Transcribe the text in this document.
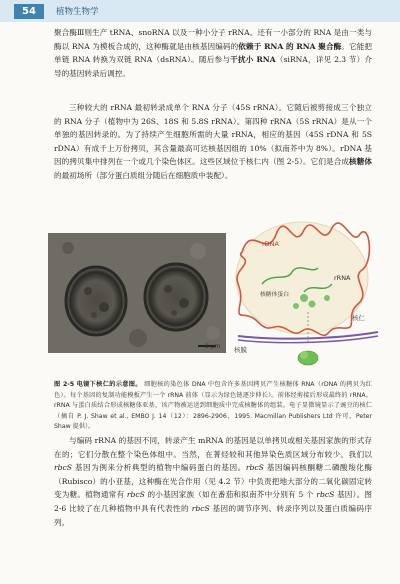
54	植物生物学

聚合酶Ⅲ则生产 tRNA、snoRNA 以及一种小分子 rRNA。还有一小部分的 RNA 是由一类与酶以 RNA 为模板合成的，这种酶就是由核基因编码的依赖于 RNA 的 RNA 聚合酶。它能把单链 RNA 转换为双链 RNA（dsRNA）。随后参与干扰小 RNA（siRNA，详见 2.3 节）介导的基因转录后调控。

三种较大的 rRNA 最初转录成单个 RNA 分子（45S rRNA）。它随后被剪接成三个独立的 RNA 分子（植物中为 26S、18S 和 5.8S rRNA）。第四种 rRNA（5S rRNA）是从一个单独的基因转录的。为了持续产生细胞所需的大量 rRNA，相应的基因（45S rDNA 和 5S rDNA）有成千上万份拷贝，其含量最高可达核基因组的 10%（拟南芥中为 8%）。rDNA 基因的拷贝集中排列在一个或几个染色体区。这些区域位于核仁内（图 2-5）。它们是合成核糖体的最初场所（部分蛋白质组分随后在细胞质中装配）。

2 μm
rDNA
核糖体蛋白
rRNA
核仁
核膜

图 2-5 电镜下核仁的示意图。 细胞核的染色体 DNA 中包含许多基因拷贝产生核糖体 RNA（rDNA 的拷贝为红色）。每个基因的复制功能模板产生一个 rRNA 前体（显示为绿色链逐步伸长）。前体经剪接后形成最终的 rRNA。rRNA 与蛋白质结合形成核糖体亚基，该产物被运送到细胞质中完成核糖体的组装。电子显微镜显示了豌豆的核仁（摘自 P. J. Shaw et al., EMBO J. 14（12）：2896-2906，1995. Macmillan Publishers Ltd 许可，Peter Shaw 提供）。

与编码 rRNA 的基因不同，转录产生 mRNA 的基因是以单拷贝或相关基因家族的形式存在的；它们分散在整个染色体组中。当然，在菁烃较和其他异染色质区域分布较少。我们以 rbcS 基因为例来分析典型的植物中编码蛋白的基因。rbcS 基因编码核酮糖二磷酸羧化酶（Rubisco）的小亚基，这种酶在光合作用（见 4.2 节）中负责把地大部分的二氧化碳固定转变为糖。植物通常有 rbcS 的小基因家族（如在番茄和拟南芥中分别有 5 个 rbcS 基因）。图 2-6 比较了在几种植物中具有代表性的 rbcS 基因的调节序列、转录序列以及蛋白质编码序列。
